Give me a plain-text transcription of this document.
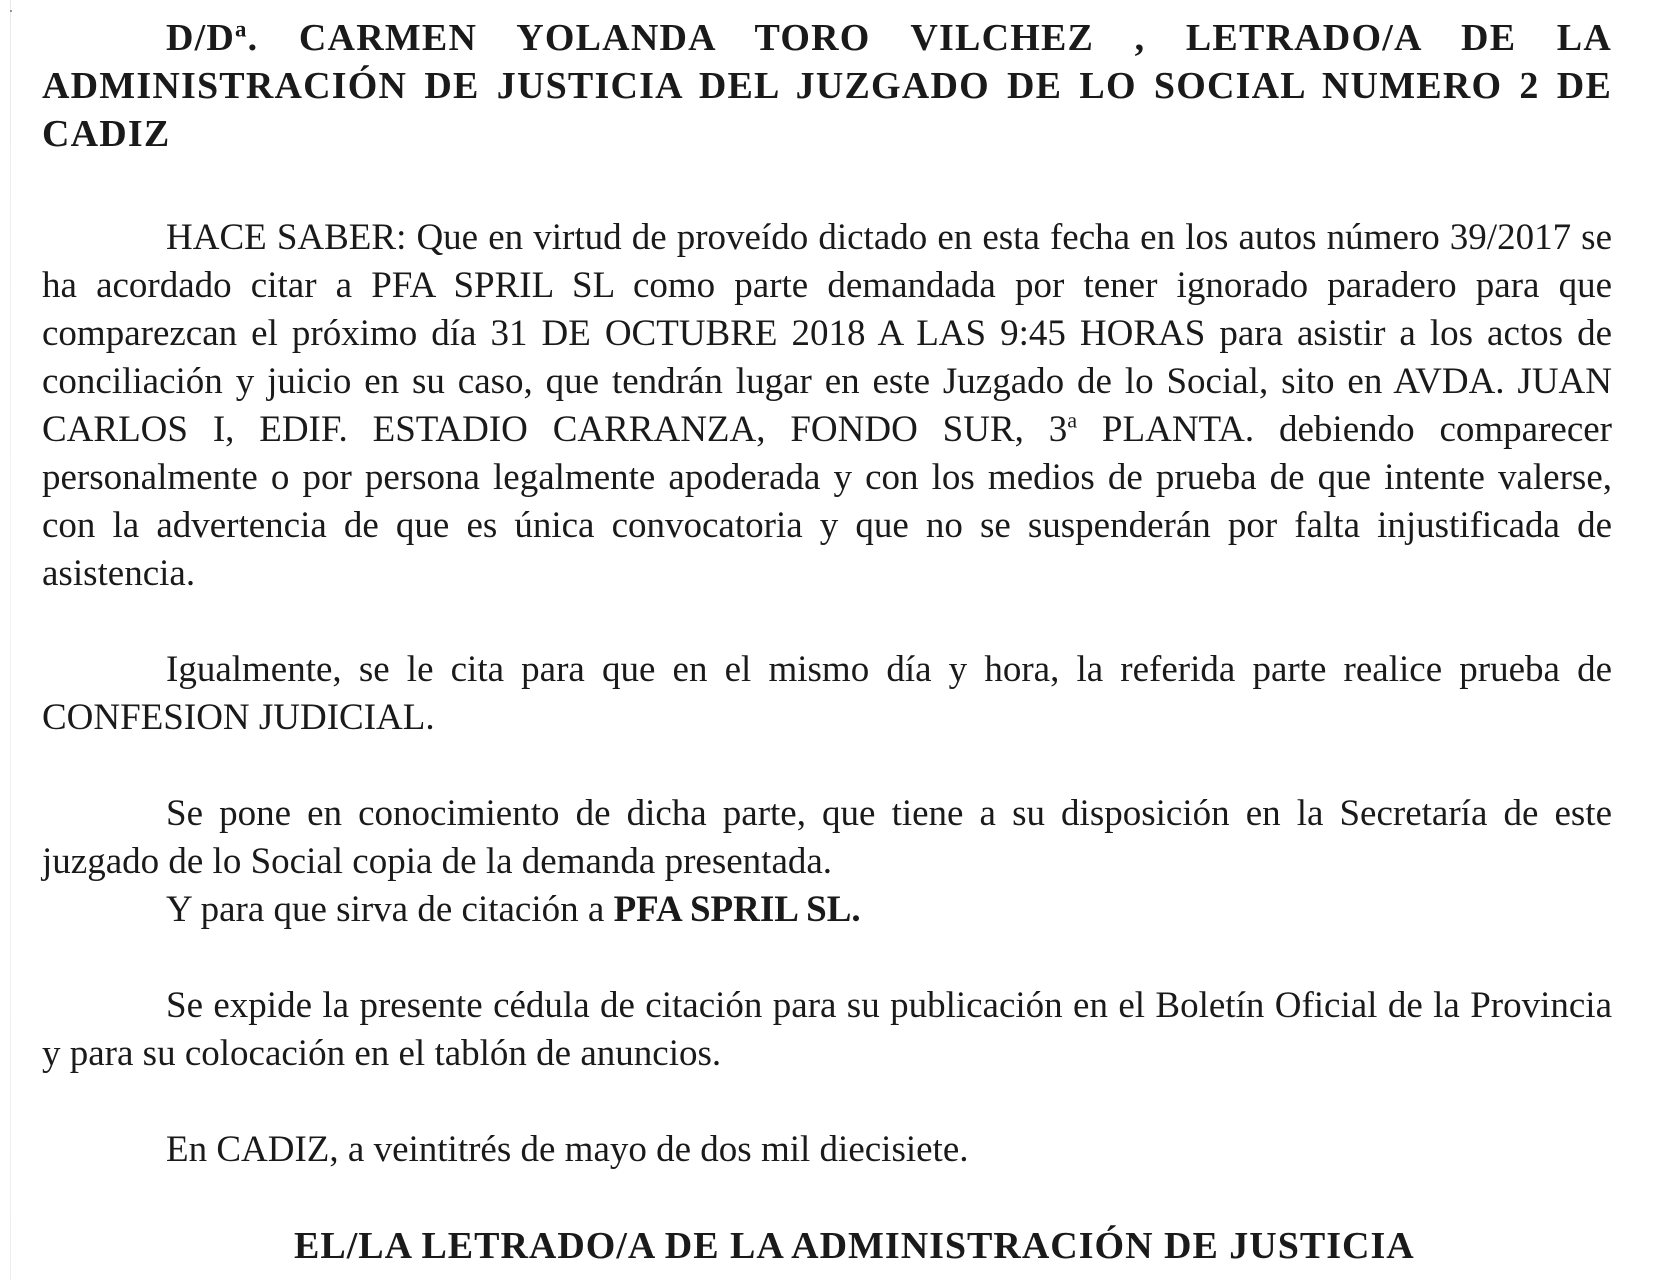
$D/D^a$. CARMEN YOLANDA TORO VILCHEZ , LETRADO/A DE LA ADMINISTRACIÓN DE JUSTICIA DEL JUZGADO DE LO SOCIAL NUMERO 2 DE CADIZ

HACE SABER: Que en virtud de proveído dictado en esta fecha en los autos número 39/2017 se ha acordado citar a PFA SPRIL SL como parte demandada por tener ignorado paradero para que comparezcan el próximo día 31 DE OCTUBRE 2018 A LAS 9:45 HORAS para asistir a los actos de conciliación y juicio en su caso, que tendrán lugar en este Juzgado de lo Social, sito en AVDA. JUAN CARLOS I, EDIF. ESTADIO CARRANZA, FONDO SUR, 3$^a$ PLANTA. debiendo comparecer personalmente o por persona legalmente apoderada y con los medios de prueba de que intente valerse, con la advertencia de que es única convocatoria y que no se suspenderán por falta injustificada de asistencia.

Igualmente, se le cita para que en el mismo día y hora, la referida parte realice prueba de CONFESION JUDICIAL.

Se pone en conocimiento de dicha parte, que tiene a su disposición en la Secretaría de este juzgado de lo Social copia de la demanda presentada.

Y para que sirva de citación a PFA SPRIL SL.

Se expide la presente cédula de citación para su publicación en el Boletín Oficial de la Provincia y para su colocación en el tablón de anuncios.

En CADIZ, a veintitrés de mayo de dos mil diecisiete.

EL/LA LETRADO/A DE LA ADMINISTRACIÓN DE JUSTICIA
